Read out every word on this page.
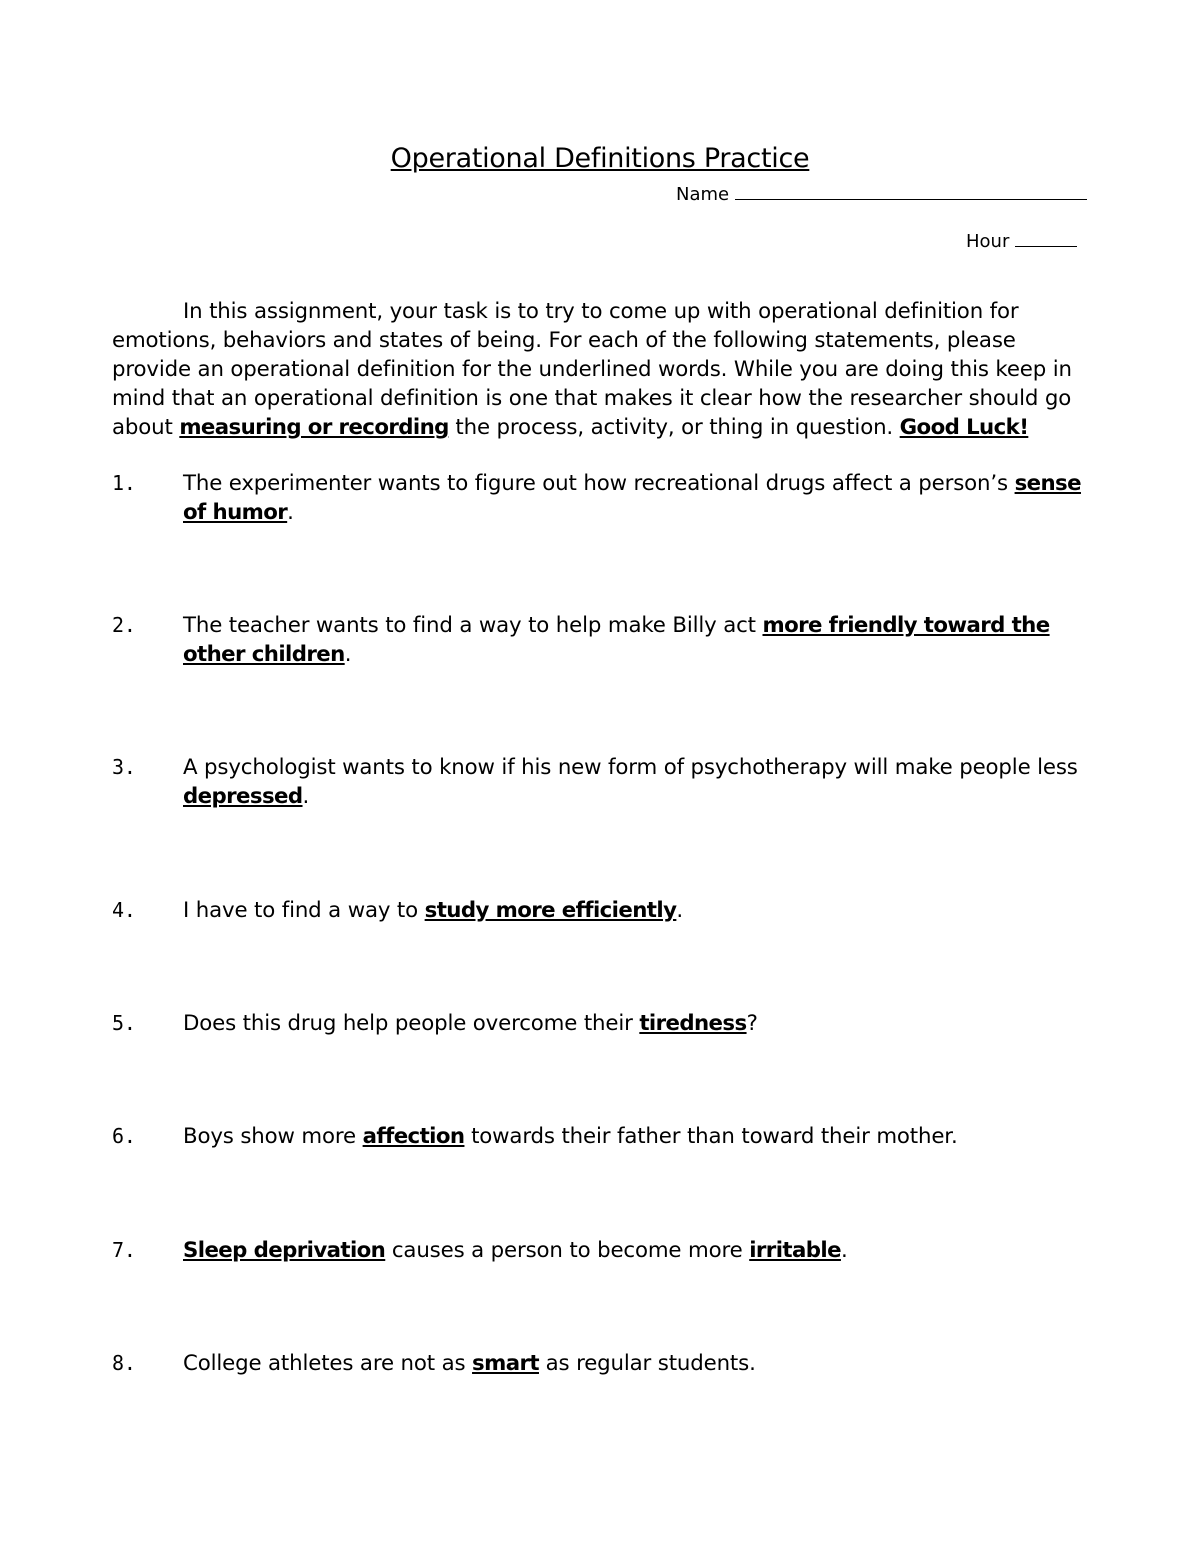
Operational Definitions Practice
Name
Hour
In this assignment, your task is to try to come up with operational definition for emotions, behaviors and states of being. For each of the following statements, please provide an operational definition for the underlined words. While you are doing this keep in mind that an operational definition is one that makes it clear how the researcher should go about measuring or recording the process, activity, or thing in question. Good Luck!
1. The experimenter wants to figure out how recreational drugs affect a person’s sense of humor.
2. The teacher wants to find a way to help make Billy act more friendly toward the other children.
3. A psychologist wants to know if his new form of psychotherapy will make people less depressed.
4. I have to find a way to study more efficiently.
5. Does this drug help people overcome their tiredness?
6. Boys show more affection towards their father than toward their mother.
7. Sleep deprivation causes a person to become more irritable.
8. College athletes are not as smart as regular students.
